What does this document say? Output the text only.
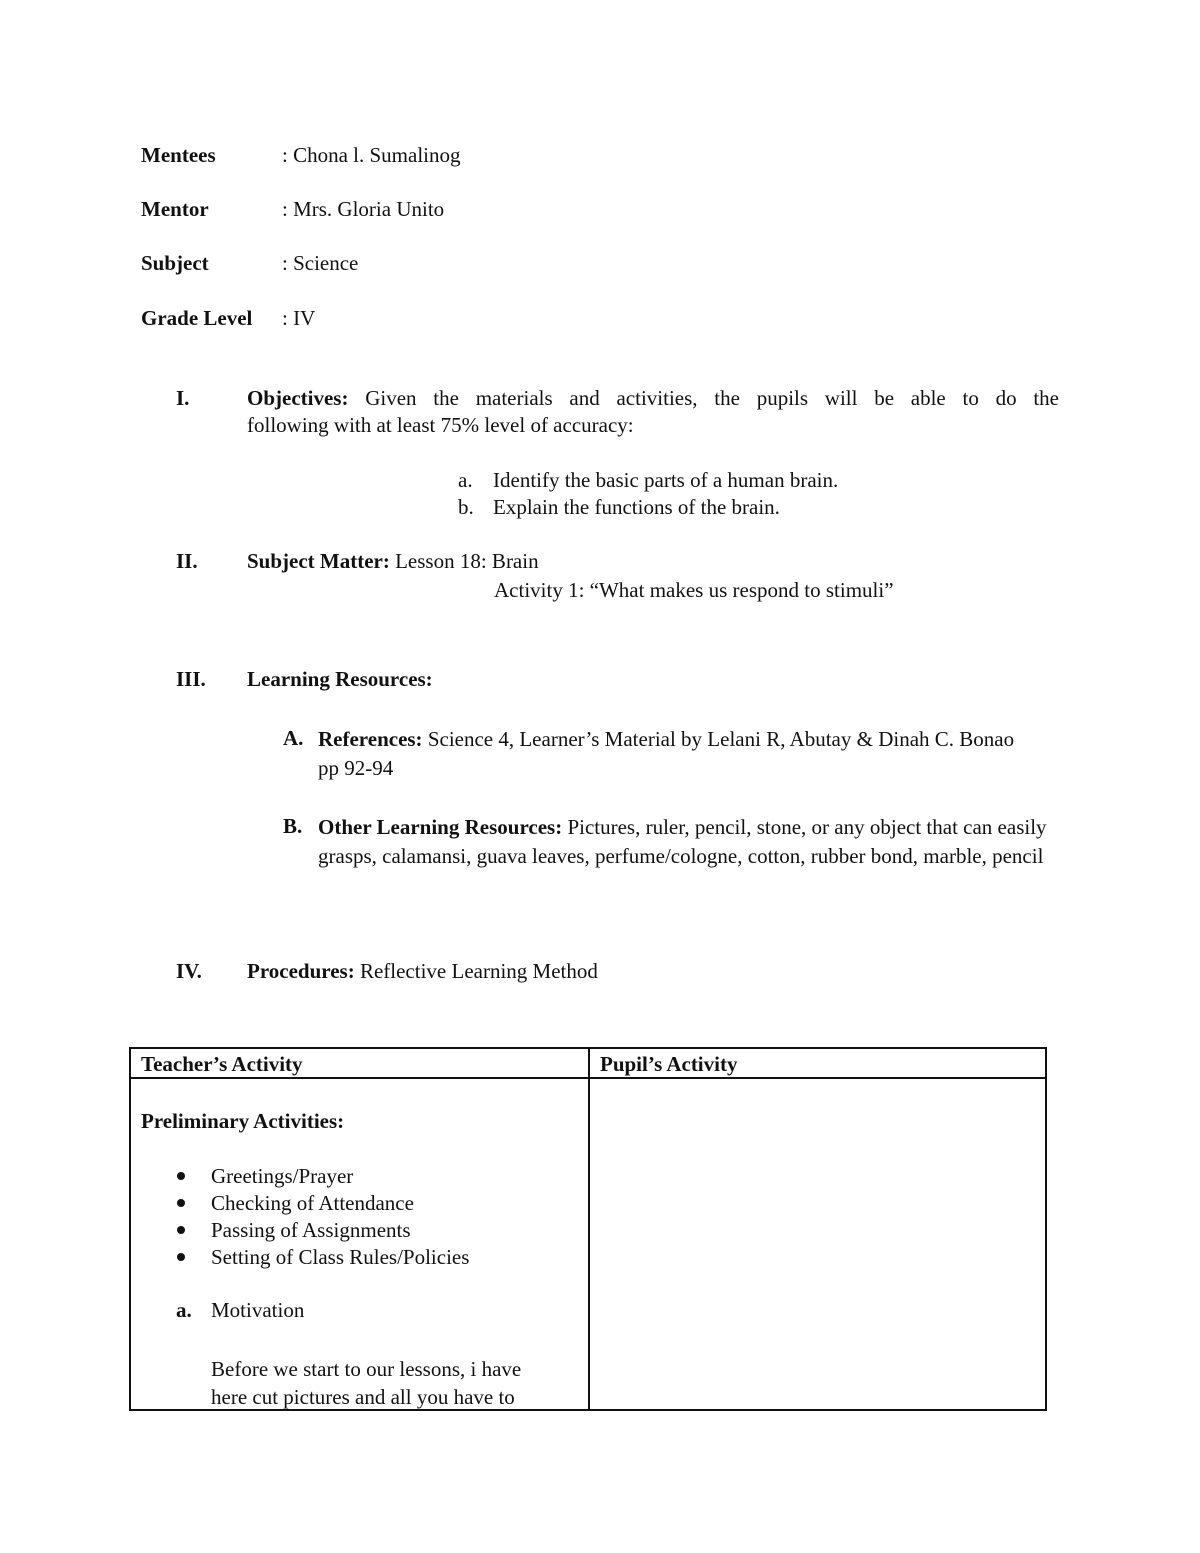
Mentees	: Chona l. Sumalinog
Mentor	: Mrs. Gloria Unito
Subject	: Science
Grade Level : IV
I.	Objectives: Given the materials and activities, the pupils will be able to do the
following with at least 75% level of accuracy:
a. Identify the basic parts of a human brain.
b. Explain the functions of the brain.
II. Subject Matter: Lesson 18: Brain
Activity 1: “What makes us respond to stimuli”
III. Learning Resources:
A. References: Science 4, Learner’s Material by Lelani R, Abutay & Dinah C. Bonao pp 92-94
B. Other Learning Resources: Pictures, ruler, pencil, stone, or any object that can easily grasps, calamansi, guava leaves, perfume/cologne, cotton, rubber bond, marble, pencil
IV. Procedures: Reflective Learning Method
Teacher’s Activity	Pupil’s Activity
Preliminary Activities:
Greetings/Prayer
Checking of Attendance
Passing of Assignments
Setting of Class Rules/Policies
a. Motivation
Before we start to our lessons, i have
here cut pictures and all you have to
